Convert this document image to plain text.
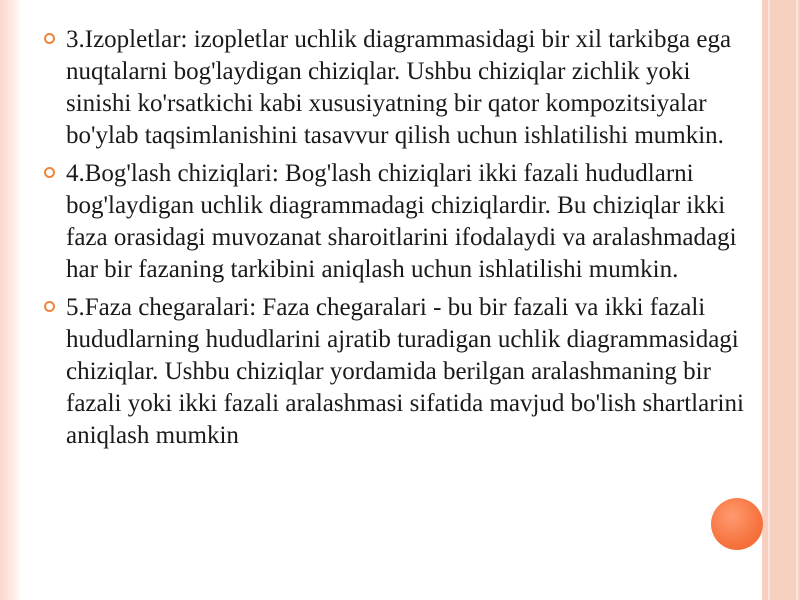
3.Izopletlar: izopletlar uchlik diagrammasidagi bir xil tarkibga ega nuqtalarni bog'laydigan chiziqlar. Ushbu chiziqlar zichlik yoki sinishi ko'rsatkichi kabi xususiyatning bir qator kompozitsiyalar bo'ylab taqsimlanishini tasavvur qilish uchun ishlatilishi mumkin.
4.Bog'lash chiziqlari: Bog'lash chiziqlari ikki fazali hududlarni bog'laydigan uchlik diagrammadagi chiziqlardir. Bu chiziqlar ikki faza orasidagi muvozanat sharoitlarini ifodalaydi va aralashmadagi har bir fazaning tarkibini aniqlash uchun ishlatilishi mumkin.
5.Faza chegaralari: Faza chegaralari - bu bir fazali va ikki fazali hududlarning hududlarini ajratib turadigan uchlik diagrammasidagi chiziqlar. Ushbu chiziqlar yordamida berilgan aralashmaning bir fazali yoki ikki fazali aralashmasi sifatida mavjud bo'lish shartlarini aniqlash mumkin
